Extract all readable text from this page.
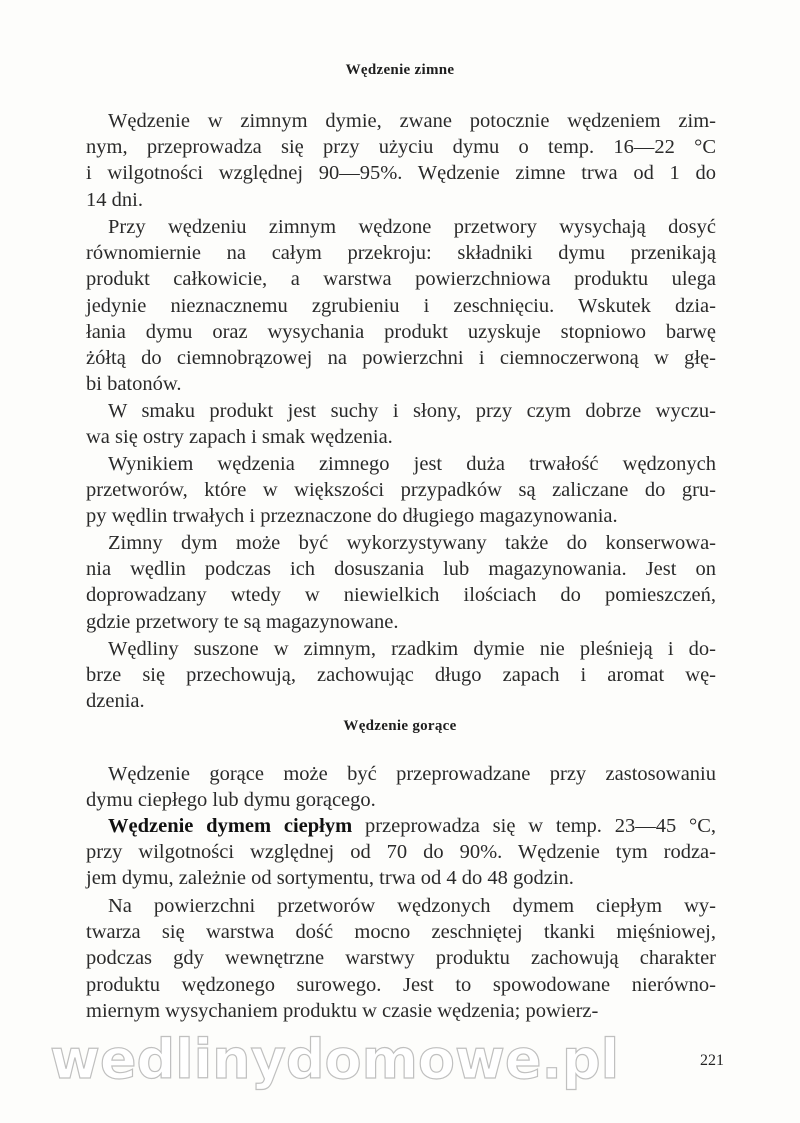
Wędzenie zimne
Wędzenie gorące
Wędzenie w zimnym dymie, zwane potocznie wędzeniem zim-
nym, przeprowadza się przy użyciu dymu o temp. 16—22 °C
i wilgotności względnej 90—95%. Wędzenie zimne trwa od 1 do
14 dni.
Przy wędzeniu zimnym wędzone przetwory wysychają dosyć
równomiernie na całym przekroju: składniki dymu przenikają
produkt całkowicie, a warstwa powierzchniowa produktu ulega
jedynie nieznacznemu zgrubieniu i zeschnięciu. Wskutek dzia-
łania dymu oraz wysychania produkt uzyskuje stopniowo barwę
żółtą do ciemnobrązowej na powierzchni i ciemnoczerwoną w głę-
bi batonów.
W smaku produkt jest suchy i słony, przy czym dobrze wyczu-
wa się ostry zapach i smak wędzenia.
Wynikiem wędzenia zimnego jest duża trwałość wędzonych
przetworów, które w większości przypadków są zaliczane do gru-
py wędlin trwałych i przeznaczone do długiego magazynowania.
Zimny dym może być wykorzystywany także do konserwowa-
nia wędlin podczas ich dosuszania lub magazynowania. Jest on
doprowadzany wtedy w niewielkich ilościach do pomieszczeń,
gdzie przetwory te są magazynowane.
Wędliny suszone w zimnym, rzadkim dymie nie pleśnieją i do-
brze się przechowują, zachowując długo zapach i aromat wę-
dzenia.
Wędzenie gorące może być przeprowadzane przy zastosowaniu
dymu ciepłego lub dymu gorącego.
Wędzenie dymem ciepłym przeprowadza się w temp. 23—45 °C,
przy wilgotności względnej od 70 do 90%. Wędzenie tym rodza-
jem dymu, zależnie od sortymentu, trwa od 4 do 48 godzin.
Na powierzchni przetworów wędzonych dymem ciepłym wy-
twarza się warstwa dość mocno zeschniętej tkanki mięśniowej,
podczas gdy wewnętrzne warstwy produktu zachowują charakter
produktu wędzonego surowego. Jest to spowodowane nierówno-
miernym wysychaniem produktu w czasie wędzenia; powierz-
wedlinydomowe.pl	221
